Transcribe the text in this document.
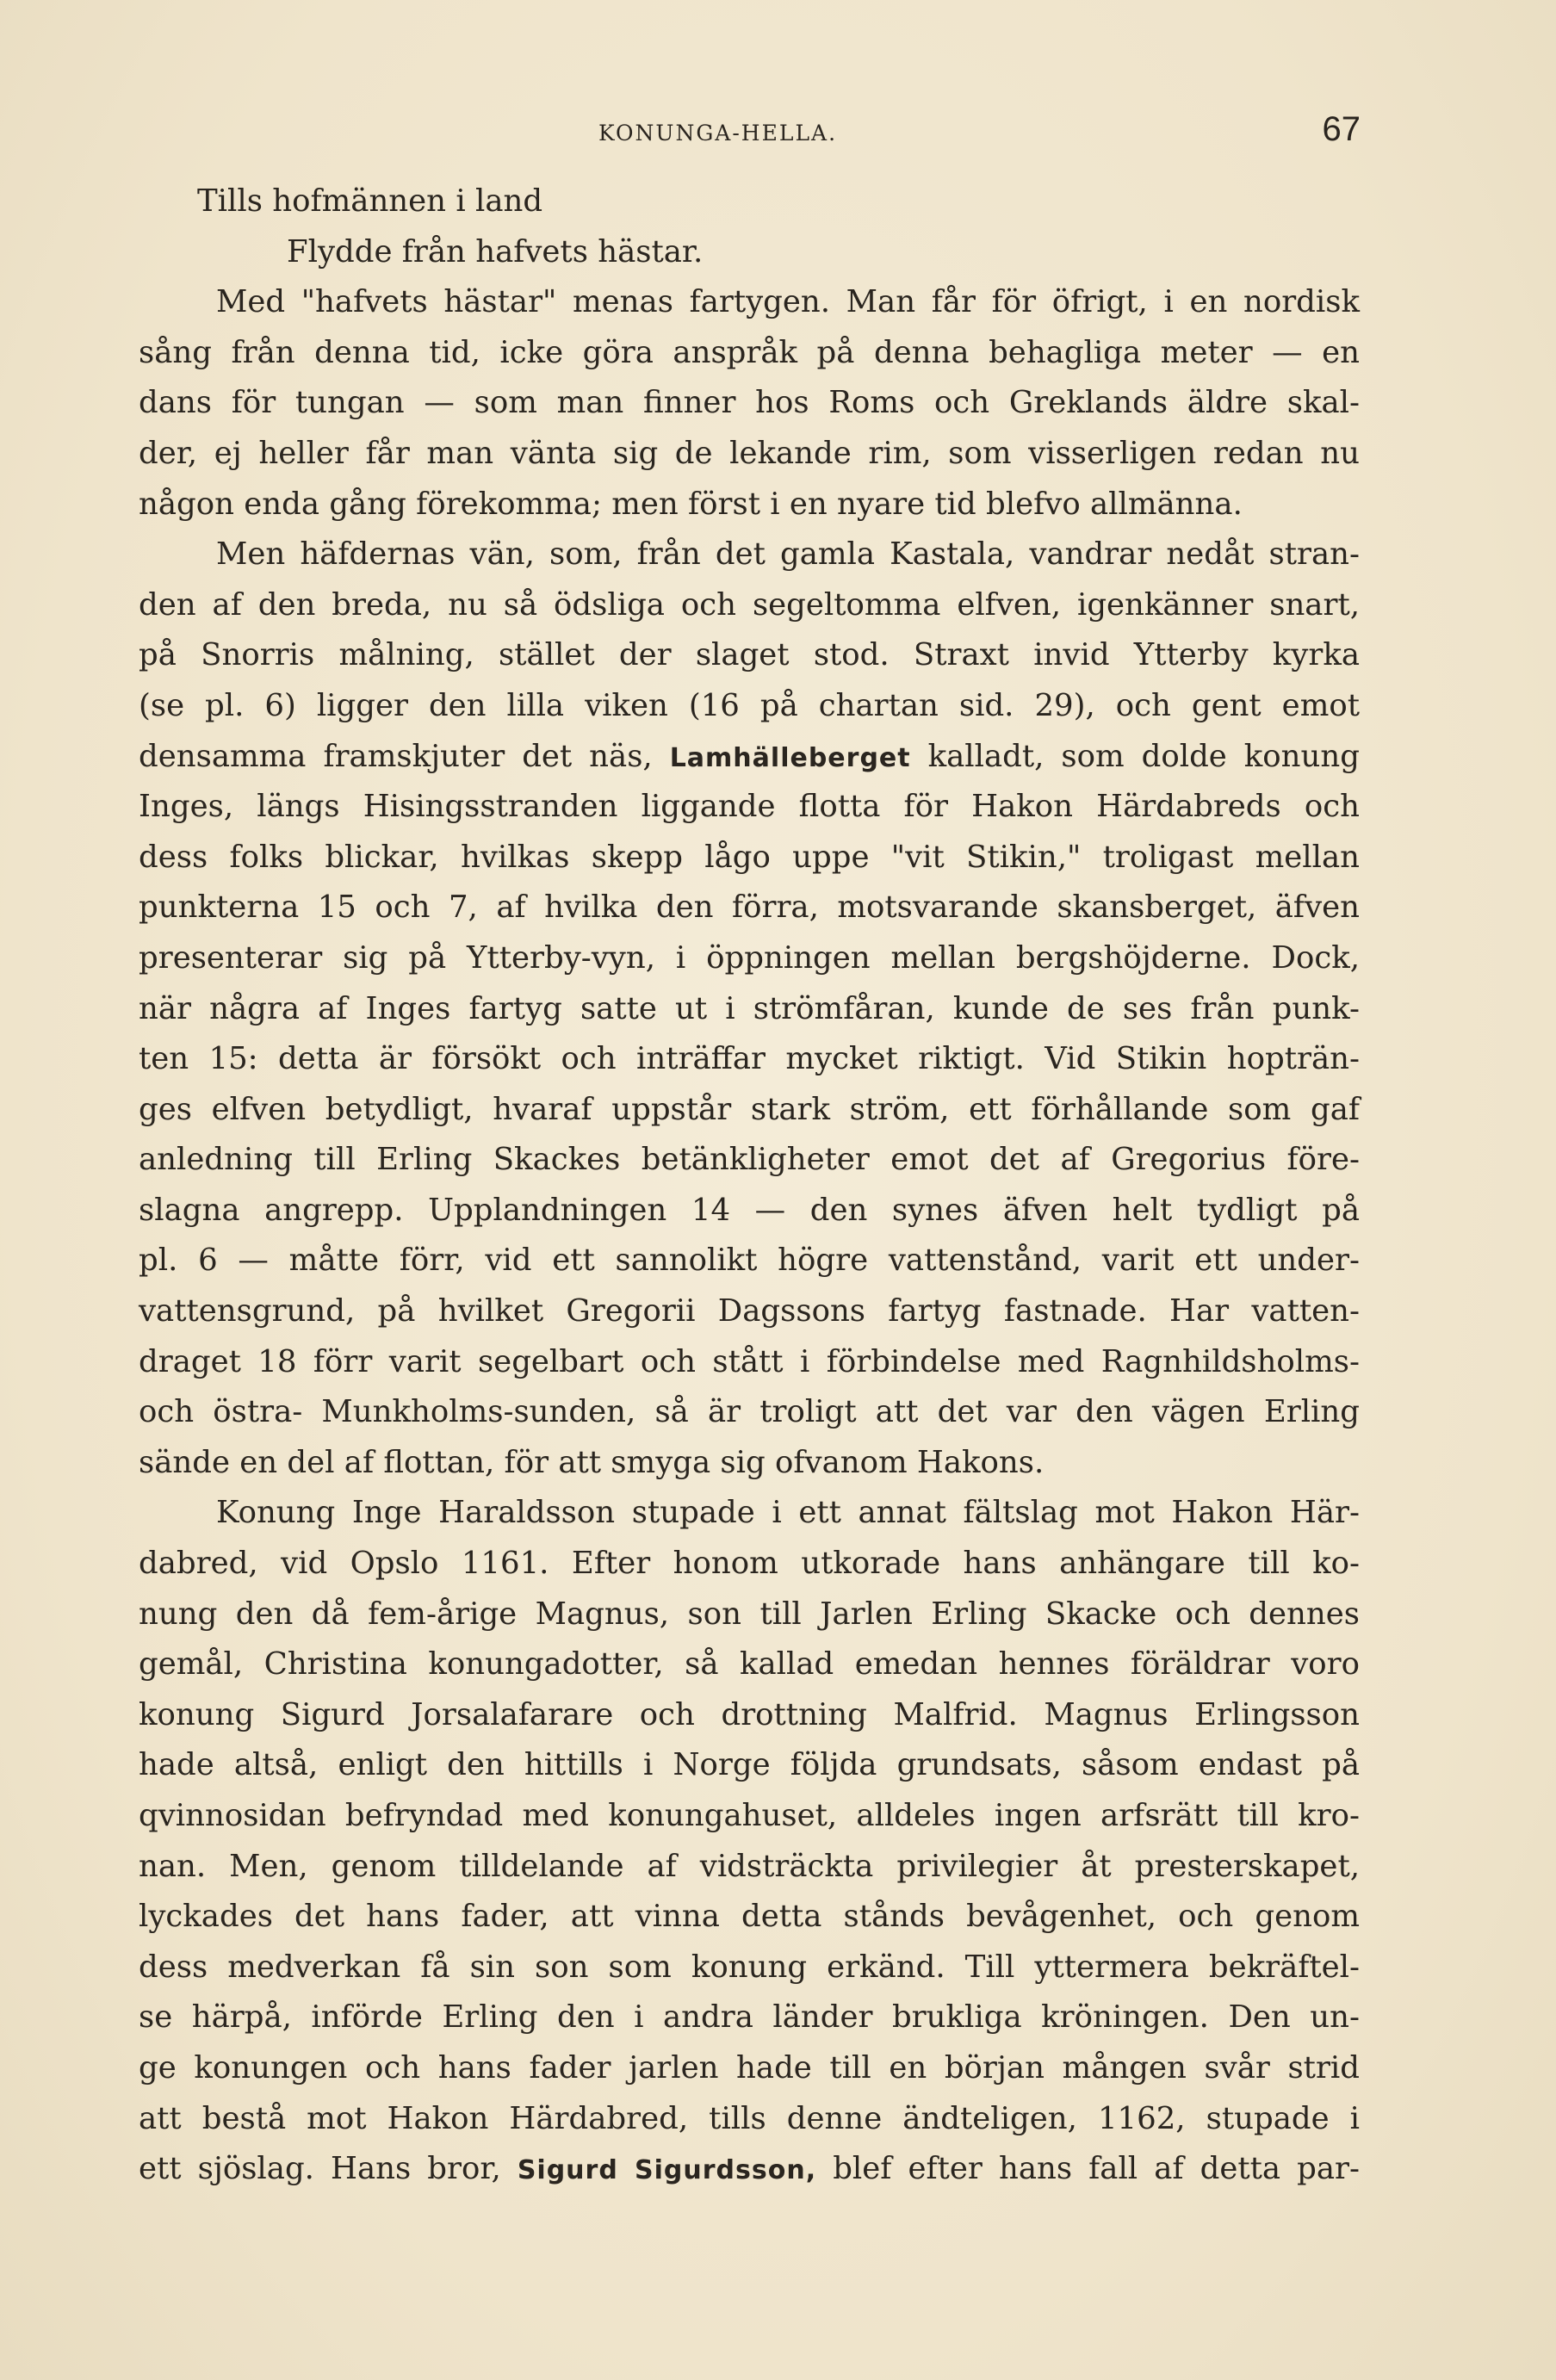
KONUNGA-HELLA.	67
Tills hofmännen i land
Flydde från hafvets hästar.
Med "hafvets hästar" menas fartygen. Man får för öfrigt, i en nordisk
sång från denna tid, icke göra anspråk på denna behagliga meter — en
dans för tungan — som man finner hos Roms och Greklands äldre skal-
der, ej heller får man vänta sig de lekande rim, som visserligen redan nu
någon enda gång förekomma; men först i en nyare tid blefvo allmänna.
Men häfdernas vän, som, från det gamla Kastala, vandrar nedåt stran-
den af den breda, nu så ödsliga och segeltomma elfven, igenkänner snart,
på Snorris målning, stället der slaget stod. Straxt invid Ytterby kyrka
(se pl. 6) ligger den lilla viken (16 på chartan sid. 29), och gent emot
densamma framskjuter det näs, Lamhälleberget kalladt, som dolde konung
Inges, längs Hisingsstranden liggande flotta för Hakon Härdabreds och
dess folks blickar, hvilkas skepp lågo uppe "vit Stikin," troligast mellan
punkterna 15 och 7, af hvilka den förra, motsvarande skansberget, äfven
presenterar sig på Ytterby-vyn, i öppningen mellan bergshöjderne. Dock,
när några af Inges fartyg satte ut i strömfåran, kunde de ses från punk-
ten 15: detta är försökt och inträffar mycket riktigt. Vid Stikin hopträn-
ges elfven betydligt, hvaraf uppstår stark ström, ett förhållande som gaf
anledning till Erling Skackes betänkligheter emot det af Gregorius före-
slagna angrepp. Upplandningen 14 — den synes äfven helt tydligt på
pl. 6 — måtte förr, vid ett sannolikt högre vattenstånd, varit ett under-
vattensgrund, på hvilket Gregorii Dagssons fartyg fastnade. Har vatten-
draget 18 förr varit segelbart och stått i förbindelse med Ragnhildsholms-
och östra- Munkholms-sunden, så är troligt att det var den vägen Erling
sände en del af flottan, för att smyga sig ofvanom Hakons.
Konung Inge Haraldsson stupade i ett annat fältslag mot Hakon Här-
dabred, vid Opslo 1161. Efter honom utkorade hans anhängare till ko-
nung den då fem-årige Magnus, son till Jarlen Erling Skacke och dennes
gemål, Christina konungadotter, så kallad emedan hennes föräldrar voro
konung Sigurd Jorsalafarare och drottning Malfrid. Magnus Erlingsson
hade altså, enligt den hittills i Norge följda grundsats, såsom endast på
qvinnosidan befryndad med konungahuset, alldeles ingen arfsrätt till kro-
nan. Men, genom tilldelande af vidsträckta privilegier åt presterskapet,
lyckades det hans fader, att vinna detta stånds bevågenhet, och genom
dess medverkan få sin son som konung erkänd. Till yttermera bekräftel-
se härpå, införde Erling den i andra länder brukliga kröningen. Den un-
ge konungen och hans fader jarlen hade till en början mången svår strid
att bestå mot Hakon Härdabred, tills denne ändteligen, 1162, stupade i
ett sjöslag. Hans bror, Sigurd Sigurdsson, blef efter hans fall af detta par-
